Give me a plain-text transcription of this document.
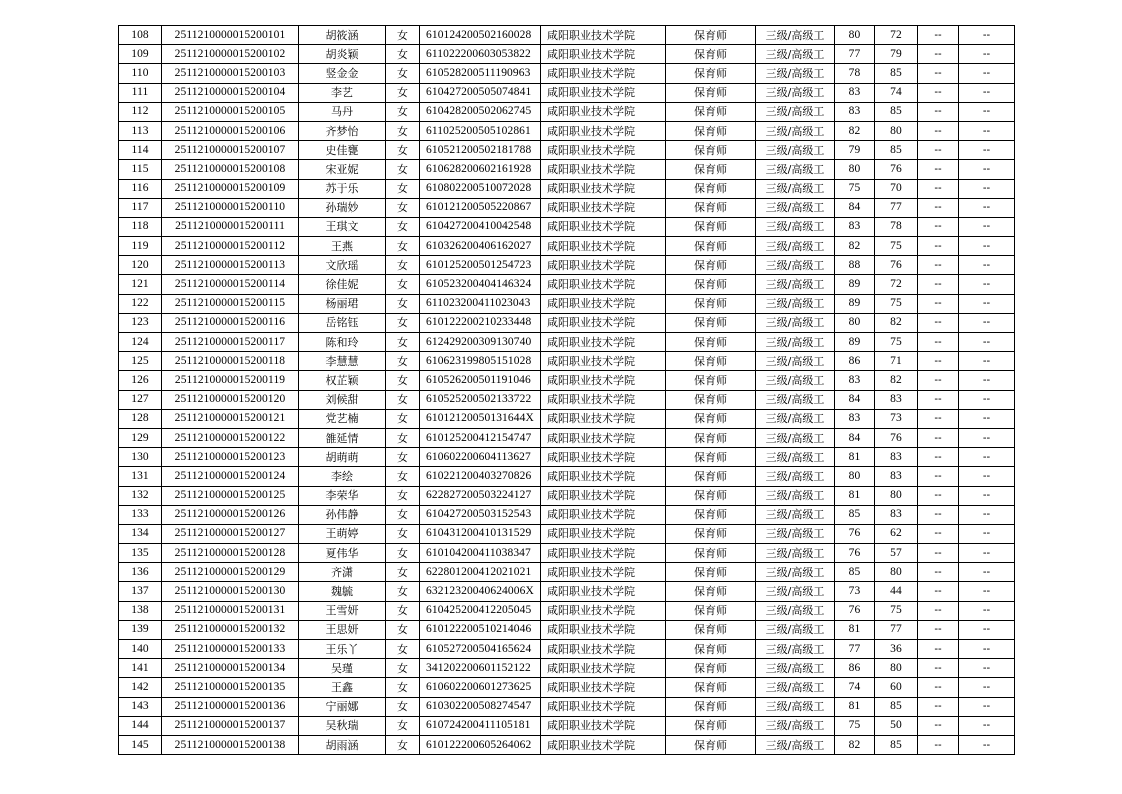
108	2511210000015200101	胡筱涵	女	610124200502160028	咸阳职业技术学院	保育师	三级/高级工	80	72	--	--
109	2511210000015200102	胡炎颖	女	611022200603053822	咸阳职业技术学院	保育师	三级/高级工	77	79	--	--
110	2511210000015200103	竖金金	女	610528200511190963	咸阳职业技术学院	保育师	三级/高级工	78	85	--	--
111	2511210000015200104	李艺	女	610427200505074841	咸阳职业技术学院	保育师	三级/高级工	83	74	--	--
112	2511210000015200105	马丹	女	610428200502062745	咸阳职业技术学院	保育师	三级/高级工	83	85	--	--
113	2511210000015200106	齐梦怡	女	611025200505102861	咸阳职业技术学院	保育师	三级/高级工	82	80	--	--
114	2511210000015200107	史佳甕	女	610521200502181788	咸阳职业技术学院	保育师	三级/高级工	79	85	--	--
115	2511210000015200108	宋亚妮	女	610628200602161928	咸阳职业技术学院	保育师	三级/高级工	80	76	--	--
116	2511210000015200109	苏于乐	女	610802200510072028	咸阳职业技术学院	保育师	三级/高级工	75	70	--	--
117	2511210000015200110	孙瑞妙	女	610121200505220867	咸阳职业技术学院	保育师	三级/高级工	84	77	--	--
118	2511210000015200111	王琪文	女	610427200410042548	咸阳职业技术学院	保育师	三级/高级工	83	78	--	--
119	2511210000015200112	王燕	女	610326200406162027	咸阳职业技术学院	保育师	三级/高级工	82	75	--	--
120	2511210000015200113	文欣瑶	女	610125200501254723	咸阳职业技术学院	保育师	三级/高级工	88	76	--	--
121	2511210000015200114	徐佳妮	女	610523200404146324	咸阳职业技术学院	保育师	三级/高级工	89	72	--	--
122	2511210000015200115	杨丽珺	女	611023200411023043	咸阳职业技术学院	保育师	三级/高级工	89	75	--	--
123	2511210000015200116	岳铭钰	女	610122200210233448	咸阳职业技术学院	保育师	三级/高级工	80	82	--	--
124	2511210000015200117	陈和玲	女	612429200309130740	咸阳职业技术学院	保育师	三级/高级工	89	75	--	--
125	2511210000015200118	李慧慧	女	610623199805151028	咸阳职业技术学院	保育师	三级/高级工	86	71	--	--
126	2511210000015200119	权芷颖	女	610526200501191046	咸阳职业技术学院	保育师	三级/高级工	83	82	--	--
127	2511210000015200120	刘候甜	女	610525200502133722	咸阳职业技术学院	保育师	三级/高级工	84	83	--	--
128	2511210000015200121	党艺楠	女	61012120050131644X	咸阳职业技术学院	保育师	三级/高级工	83	73	--	--
129	2511210000015200122	雒延情	女	610125200412154747	咸阳职业技术学院	保育师	三级/高级工	84	76	--	--
130	2511210000015200123	胡萌萌	女	610602200604113627	咸阳职业技术学院	保育师	三级/高级工	81	83	--	--
131	2511210000015200124	李绘	女	610221200403270826	咸阳职业技术学院	保育师	三级/高级工	80	83	--	--
132	2511210000015200125	李荣华	女	622827200503224127	咸阳职业技术学院	保育师	三级/高级工	81	80	--	--
133	2511210000015200126	孙伟静	女	610427200503152543	咸阳职业技术学院	保育师	三级/高级工	85	83	--	--
134	2511210000015200127	王萌婷	女	610431200410131529	咸阳职业技术学院	保育师	三级/高级工	76	62	--	--
135	2511210000015200128	夏伟华	女	610104200411038347	咸阳职业技术学院	保育师	三级/高级工	76	57	--	--
136	2511210000015200129	齐潇	女	622801200412021021	咸阳职业技术学院	保育师	三级/高级工	85	80	--	--
137	2511210000015200130	魏毓	女	63212320040624006X	咸阳职业技术学院	保育师	三级/高级工	73	44	--	--
138	2511210000015200131	王雪妍	女	610425200412205045	咸阳职业技术学院	保育师	三级/高级工	76	75	--	--
139	2511210000015200132	王思妍	女	610122200510214046	咸阳职业技术学院	保育师	三级/高级工	81	77	--	--
140	2511210000015200133	王乐丫	女	610527200504165624	咸阳职业技术学院	保育师	三级/高级工	77	36	--	--
141	2511210000015200134	吴瑾	女	341202200601152122	咸阳职业技术学院	保育师	三级/高级工	86	80	--	--
142	2511210000015200135	王鑫	女	610602200601273625	咸阳职业技术学院	保育师	三级/高级工	74	60	--	--
143	2511210000015200136	宁丽娜	女	610302200508274547	咸阳职业技术学院	保育师	三级/高级工	81	85	--	--
144	2511210000015200137	吴秋瑞	女	610724200411105181	咸阳职业技术学院	保育师	三级/高级工	75	50	--	--
145	2511210000015200138	胡雨涵	女	610122200605264062	咸阳职业技术学院	保育师	三级/高级工	82	85	--	--
